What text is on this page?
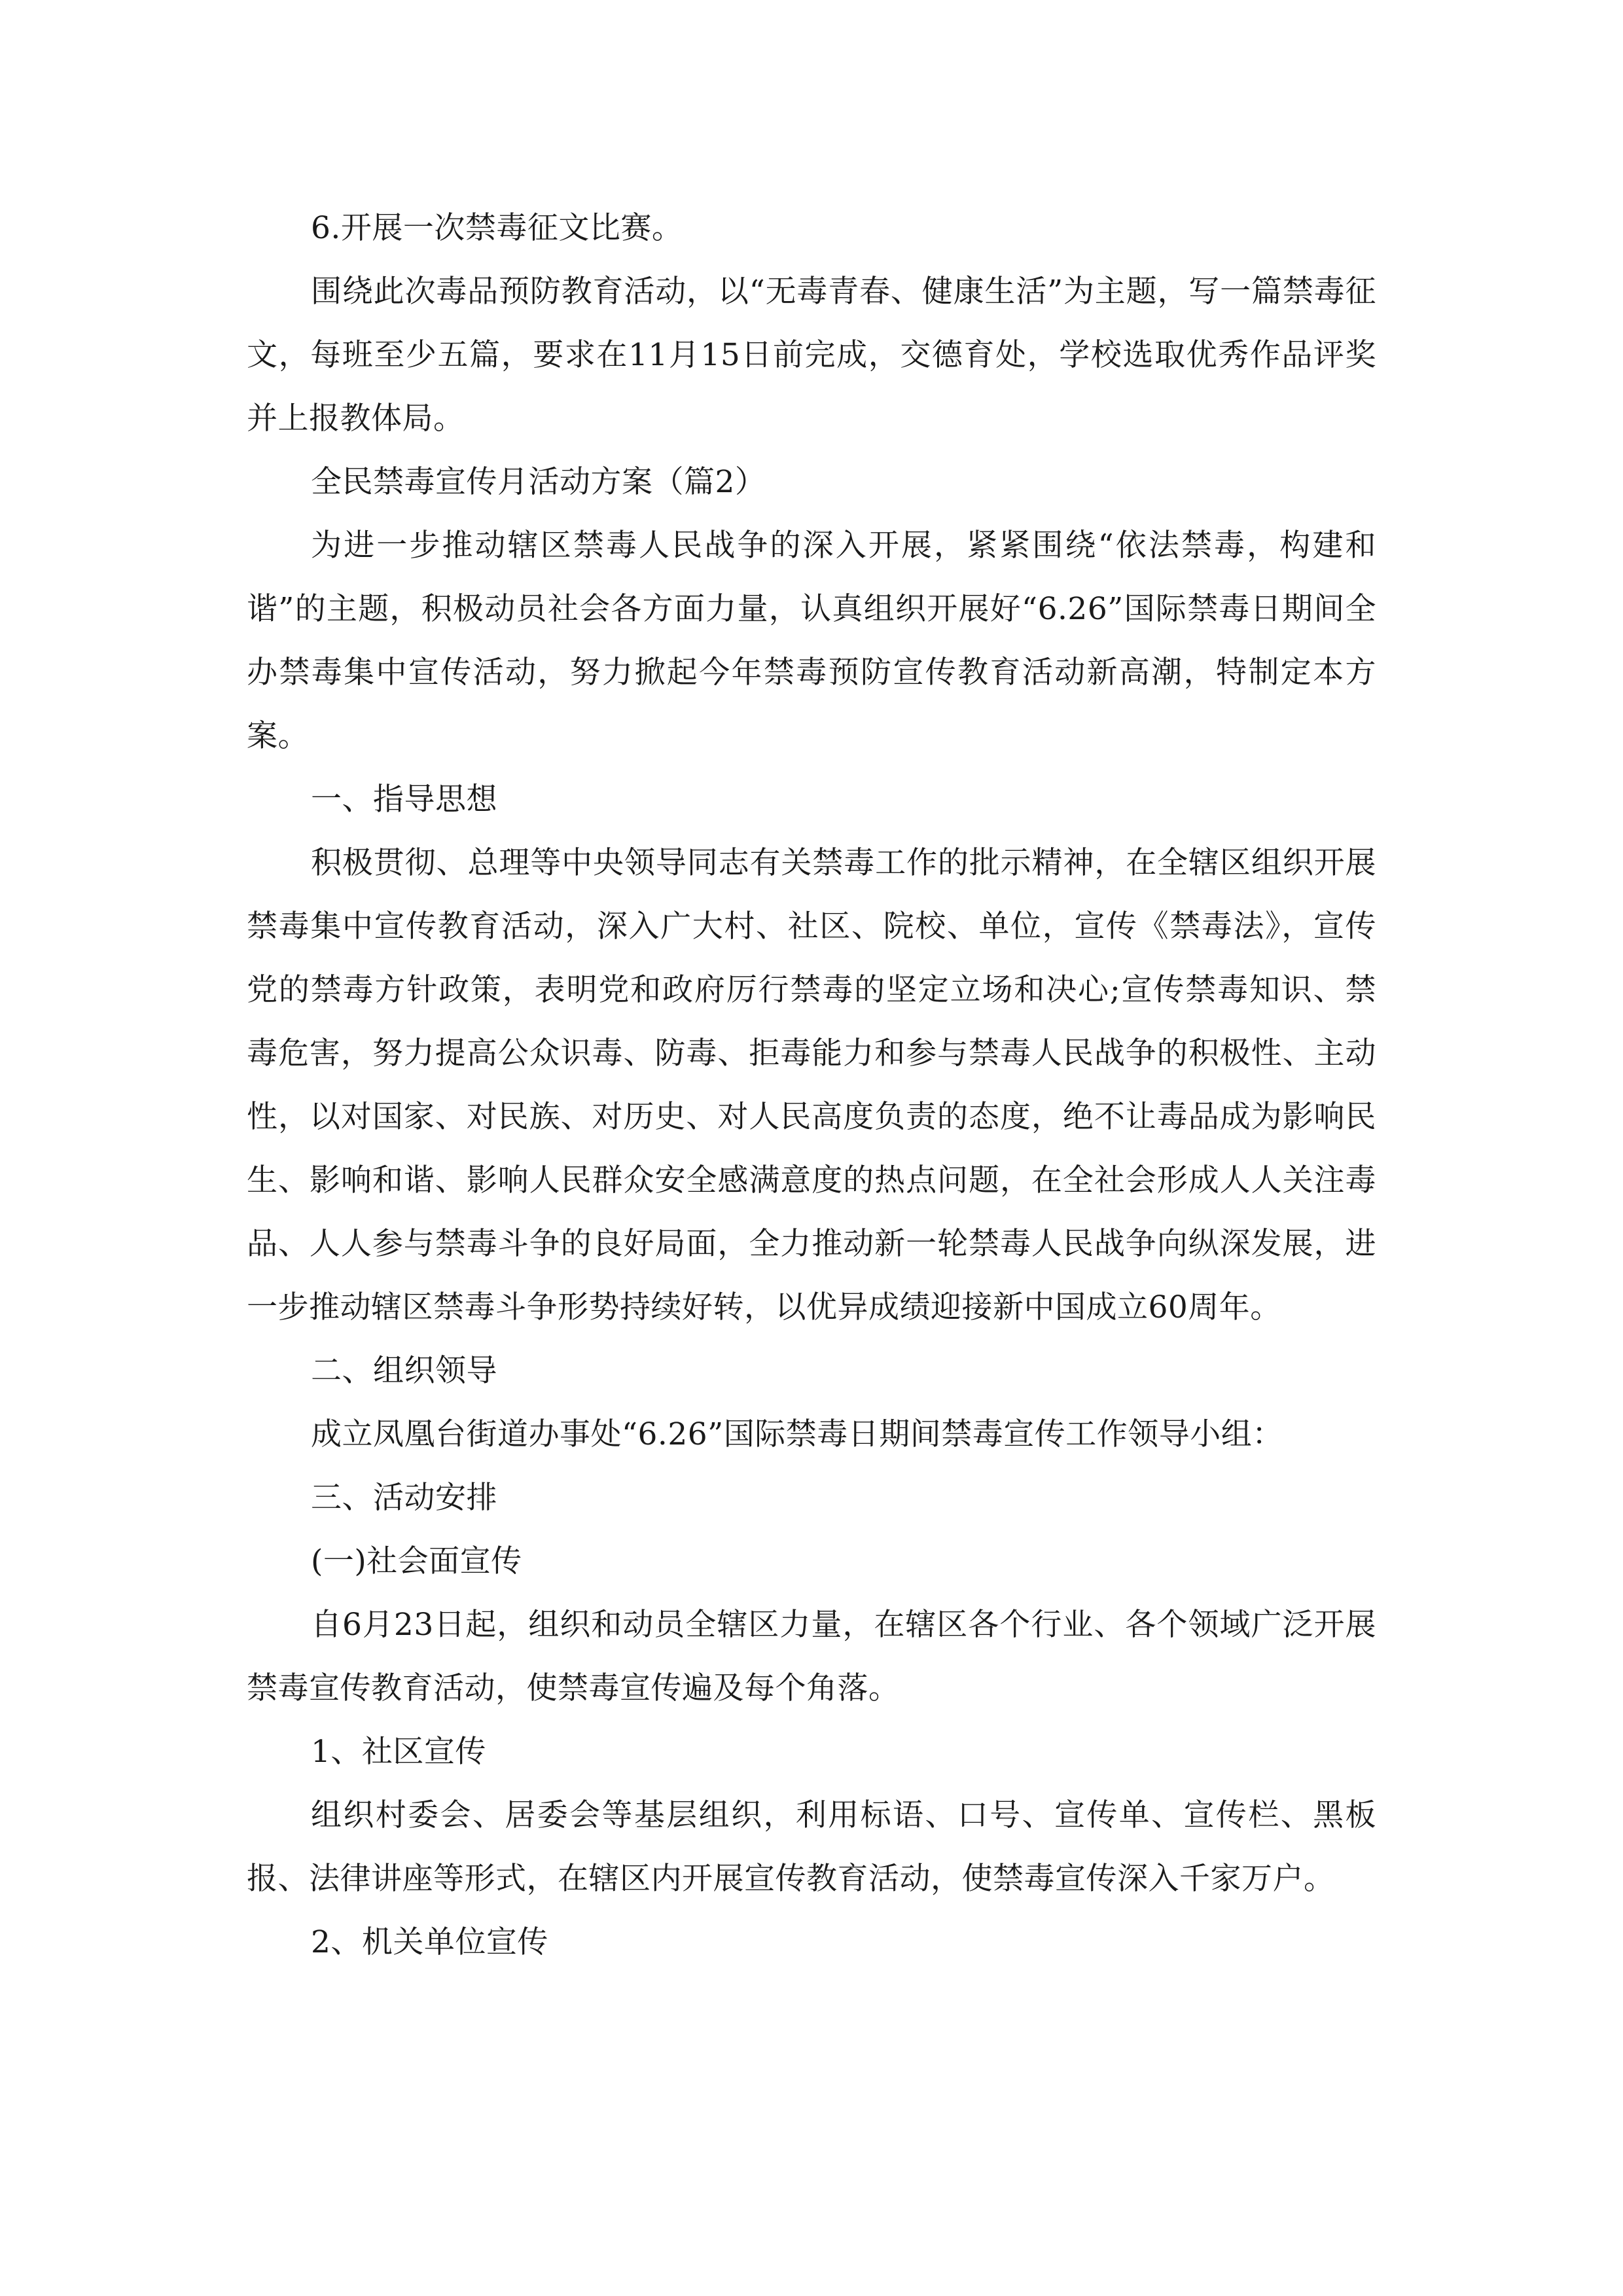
6.开展一次禁毒征文比赛。

围绕此次毒品预防教育活动，以“无毒青春、健康生活”为主题，写一篇禁毒征文，每班至少五篇，要求在11月15日前完成，交德育处，学校选取优秀作品评奖并上报教体局。

全民禁毒宣传月活动方案（篇2）

为进一步推动辖区禁毒人民战争的深入开展，紧紧围绕“依法禁毒，构建和谐”的主题，积极动员社会各方面力量，认真组织开展好“6.26”国际禁毒日期间全办禁毒集中宣传活动，努力掀起今年禁毒预防宣传教育活动新高潮，特制定本方案。

一、指导思想

积极贯彻、总理等中央领导同志有关禁毒工作的批示精神，在全辖区组织开展禁毒集中宣传教育活动，深入广大村、社区、院校、单位，宣传《禁毒法》，宣传党的禁毒方针政策，表明党和政府厉行禁毒的坚定立场和决心;宣传禁毒知识、禁毒危害，努力提高公众识毒、防毒、拒毒能力和参与禁毒人民战争的积极性、主动性，以对国家、对民族、对历史、对人民高度负责的态度，绝不让毒品成为影响民生、影响和谐、影响人民群众安全感满意度的热点问题，在全社会形成人人关注毒品、人人参与禁毒斗争的良好局面，全力推动新一轮禁毒人民战争向纵深发展，进一步推动辖区禁毒斗争形势持续好转，以优异成绩迎接新中国成立60周年。

二、组织领导

成立凤凰台街道办事处“6.26”国际禁毒日期间禁毒宣传工作领导小组：

三、活动安排

(一)社会面宣传

自6月23日起，组织和动员全辖区力量，在辖区各个行业、各个领域广泛开展禁毒宣传教育活动，使禁毒宣传遍及每个角落。

1、社区宣传

组织村委会、居委会等基层组织，利用标语、口号、宣传单、宣传栏、黑板报、法律讲座等形式，在辖区内开展宣传教育活动，使禁毒宣传深入千家万户。

2、机关单位宣传
